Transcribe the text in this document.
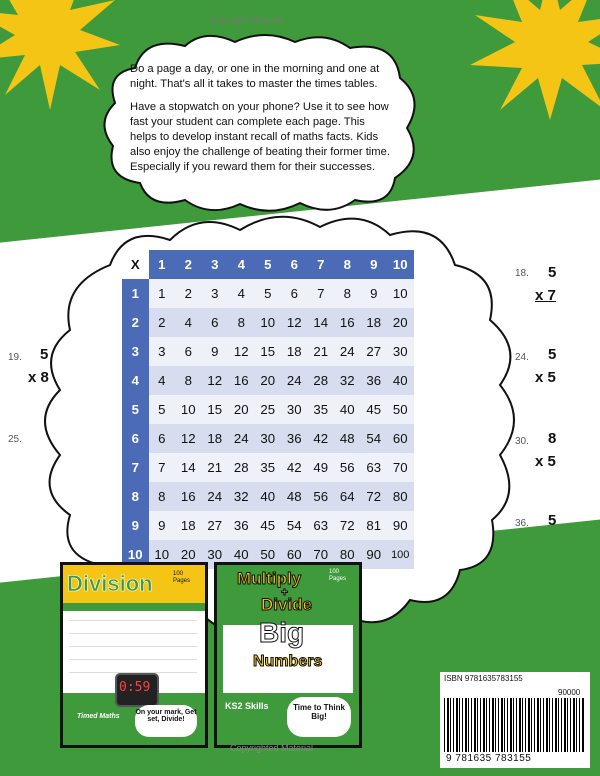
Copyright Material

Do a page a day, or one in the morning and one at night. That's all it takes to master the times tables.

Have a stopwatch on your phone? Use it to see how fast your student can complete each page. This helps to develop instant recall of maths facts. Kids also enjoy the challenge of beating their former time. Especially if you reward them for their successes.

X	1	2	3	4	5	6	7	8	9	10
1	1	2	3	4	5	6	7	8	9	10
2	2	4	6	8	10	12	14	16	18	20
3	3	6	9	12	15	18	21	24	27	30
4	4	8	12	16	20	24	28	32	36	40
5	5	10	15	20	25	30	35	40	45	50
6	6	12	18	24	30	36	42	48	54	60
7	7	14	21	28	35	42	49	56	63	70
8	8	16	24	32	40	48	56	64	72	80
9	9	18	27	36	45	54	63	72	81	90
10	10	20	30	40	50	60	70	80	90	100
18. 5
x 7
19. 5
x 8
24. 5
x 5
25.	30. 8
x 5
36. 5
Division	100 Pages
0:59
Timed Maths
On your mark, Get set, Divide!
Multiply
+
Divide
Big
Numbers
100 Pages
KS2 Skills	Time to Think Big!
Copyrighted Material
ISBN 9781635783155
90000
9 781635 783155
